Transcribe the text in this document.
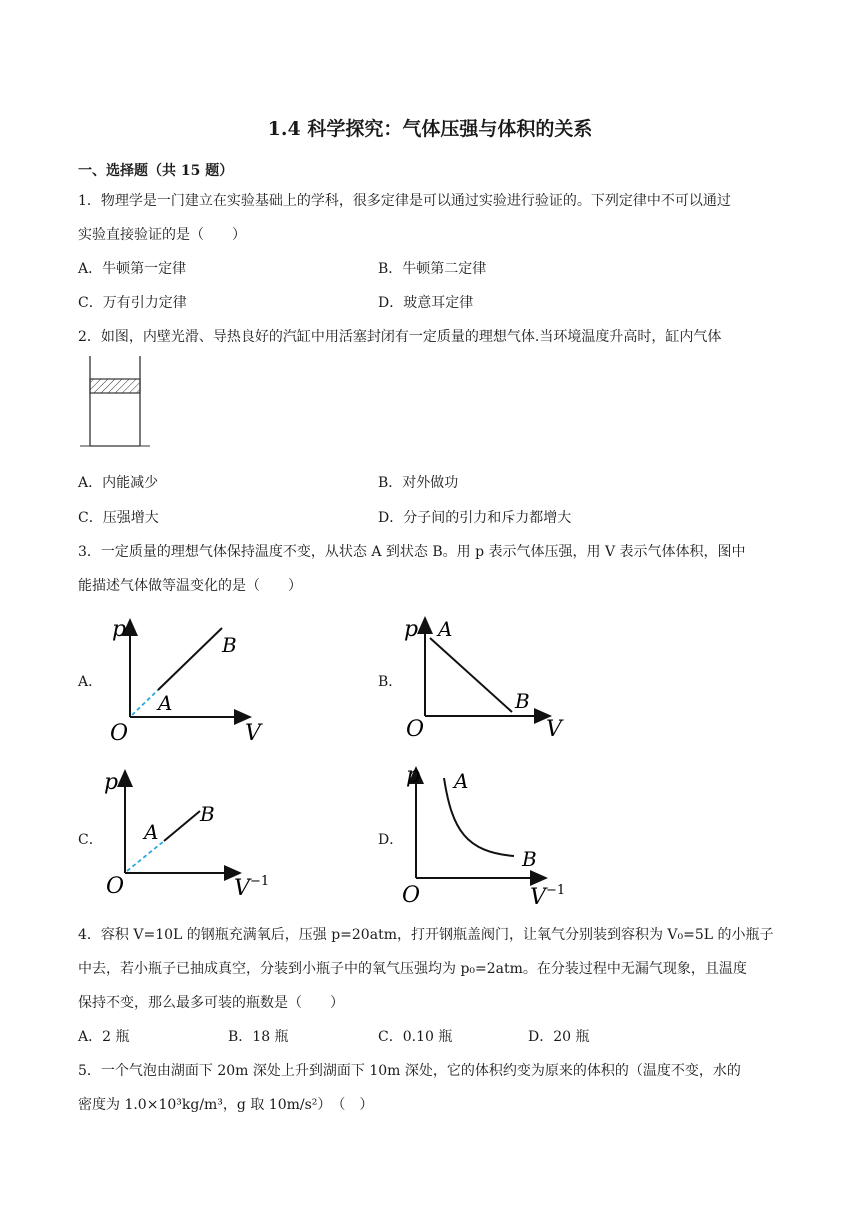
1.4 科学探究：气体压强与体积的关系
一、选择题（共 15 题）
1．物理学是一门建立在实验基础上的学科，很多定律是可以通过实验进行验证的。下列定律中不可以通过
实验直接验证的是（　　）
A．牛顿第一定律	B．牛顿第二定律
C．万有引力定律	D．玻意耳定律
2．如图，内壁光滑、导热良好的汽缸中用活塞封闭有一定质量的理想气体.当环境温度升高时，缸内气体
A．内能减少	B．对外做功
C．压强增大	D．分子间的引力和斥力都增大
3．一定质量的理想气体保持温度不变，从状态 A 到状态 B。用 p 表示气体压强，用 V 表示气体体积，图中
能描述气体做等温变化的是（　　）
A．
p
O	V
A
B
B．
p A
O
B
V
C．
p
A
B
O	V −1
D．
p A
B
O	V −1
4．容积 V=10L 的钢瓶充满氧后，压强 p=20atm，打开钢瓶盖阀门，让氧气分别装到容积为 V₀=5L 的小瓶子
中去，若小瓶子已抽成真空，分装到小瓶子中的氧气压强均为 p₀=2atm。在分装过程中无漏气现象，且温度
保持不变，那么最多可装的瓶数是（　　）
A．2 瓶	B．18 瓶	C．0.10 瓶	D．20 瓶
5．一个气泡由湖面下 20m 深处上升到湖面下 10m 深处，它的体积约变为原来的体积的（温度不变，水的
密度为 1.0×10³kg/m³，g 取 10m/s²）　（　）
